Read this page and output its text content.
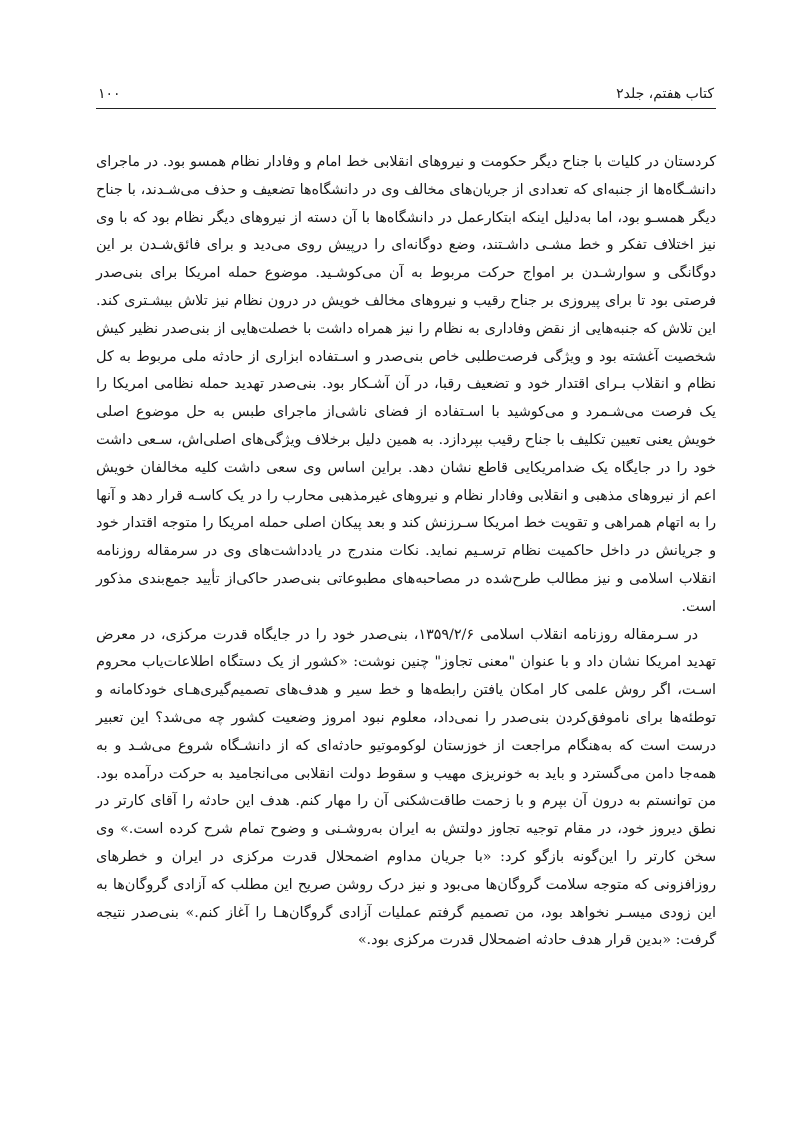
کتاب هفتم، جلد۲
۱۰۰

کردستان در کلیات با جناح دیگر حکومت و نیروهای انقلابی خط امام و وفادار نظام همسو بود. در ماجرای دانشـگاه‌ها از جنبه‌ای که تعدادی از جریان‌های مخالف وی در دانشگاه‌ها تضعیف و حذف می‌شـدند، با جناح دیگر همسـو بود، اما به‌دلیل اینکه ابتکارعمل در دانشگاه‌ها با آن دسته از نیروهای دیگر نظام بود که با وی نیز اختلاف تفکر و خط مشـی داشـتند، وضع دوگانه‌ای را درپیش روی می‌دید و برای فائق‌شـدن بر این دوگانگی و سوارشـدن بر امواج حرکت مربوط به آن می‌کوشـید. موضوع حمله امریکا برای بنی‌صدر فرصتی بود تا برای پیروزی بر جناح رقیب و نیروهای مخالف خویش در درون نظام نیز تلاش بیشـتری کند. این تلاش که جنبه‌هایی از نقض وفاداری به نظام را نیز همراه داشت با خصلت‌هایی از بنی‌صدر نظیر کیش شخصیت آغشته بود و ویژگی فرصت‌طلبی خاص بنی‌صدر و اسـتفاده ابزاری از حادثه ملی مربوط به کل نظام و انقلاب بـرای اقتدار خود و تضعیف رقبا، در آن آشـکار بود. بنی‌صدر تهدید حمله نظامی امریکا را یک فرصت می‌شـمرد و می‌کوشید با اسـتفاده از فضای ناشی‌از ماجرای طبس به حل موضوع اصلی خویش یعنی تعیین تکلیف با جناح رقیب بپردازد. به همین دلیل برخلاف ویژگی‌های اصلی‌اش، سـعی داشت خود را در جایگاه یک ضدامریکایی قاطع نشان دهد. براین اساس وی سعی داشت کلیه مخالفان خویش اعم از نیروهای مذهبی و انقلابی وفادار نظام و نیروهای غیرمذهبی محارب را در یک کاسـه قرار دهد و آنها را به اتهام همراهی و تقویت خط امریکا سـرزنش کند و بعد پیکان اصلی حمله امریکا را متوجه اقتدار خود و جریانش در داخل حاکمیت نظام ترسـیم نماید. نکات مندرج در یادداشت‌های وی در سرمقاله روزنامه انقلاب اسلامی و نیز مطالب طرح‌شده در مصاحبه‌های مطبوعاتی بنی‌صدر حاکی‌از تأیید جمع‌بندی مذکور است.

در سـرمقاله روزنامه انقلاب اسلامی ۱۳۵۹/۲/۶، بنی‌صدر خود را در جایگاه قدرت مرکزی، در معرض تهدید امریکا نشان داد و با عنوان "معنی تجاوز" چنین نوشت: «کشور از یک دستگاه اطلاعات‌یاب محروم اسـت، اگر روش علمی کار امکان یافتن رابطه‌ها و خط سیر و هدف‌های تصمیم‌گیری‌هـای خودکامانه و توطئه‌ها برای ناموفق‌کردن بنی‌صدر را نمی‌داد، معلوم نبود امروز وضعیت کشور چه می‌شد؟ این تعبیر درست است که به‌هنگام مراجعت از خوزستان لوکوموتیو حادثه‌ای که از دانشـگاه شروع می‌شـد و به همه‌جا دامن می‌گسترد و باید به خونریزی مهیب و سقوط دولت انقلابی می‌انجامید به حرکت درآمده بود. من توانستم به درون آن بپرم و با زحمت طاقت‌شکنی آن را مهار کنم. هدف این حادثه را آقای کارتر در نطق دیروز خود، در مقام توجیه تجاوز دولتش به ایران به‌روشـنی و وضوح تمام شرح کرده است.» وی سخن کارتر را این‌گونه بازگو کرد: «با جریان مداوم اضمحلال قدرت مرکزی در ایران و خطرهای روزافزونی که متوجه سلامت گروگان‌ها می‌بود و نیز درک روشن صریح این مطلب که آزادی گروگان‌ها به این زودی میسـر نخواهد بود، من تصمیم گرفتم عملیات آزادی گروگان‌هـا را آغاز کنم.» بنی‌صدر نتیجه گرفت: «بدین قرار هدف حادثه اضمحلال قدرت مرکزی بود.»
